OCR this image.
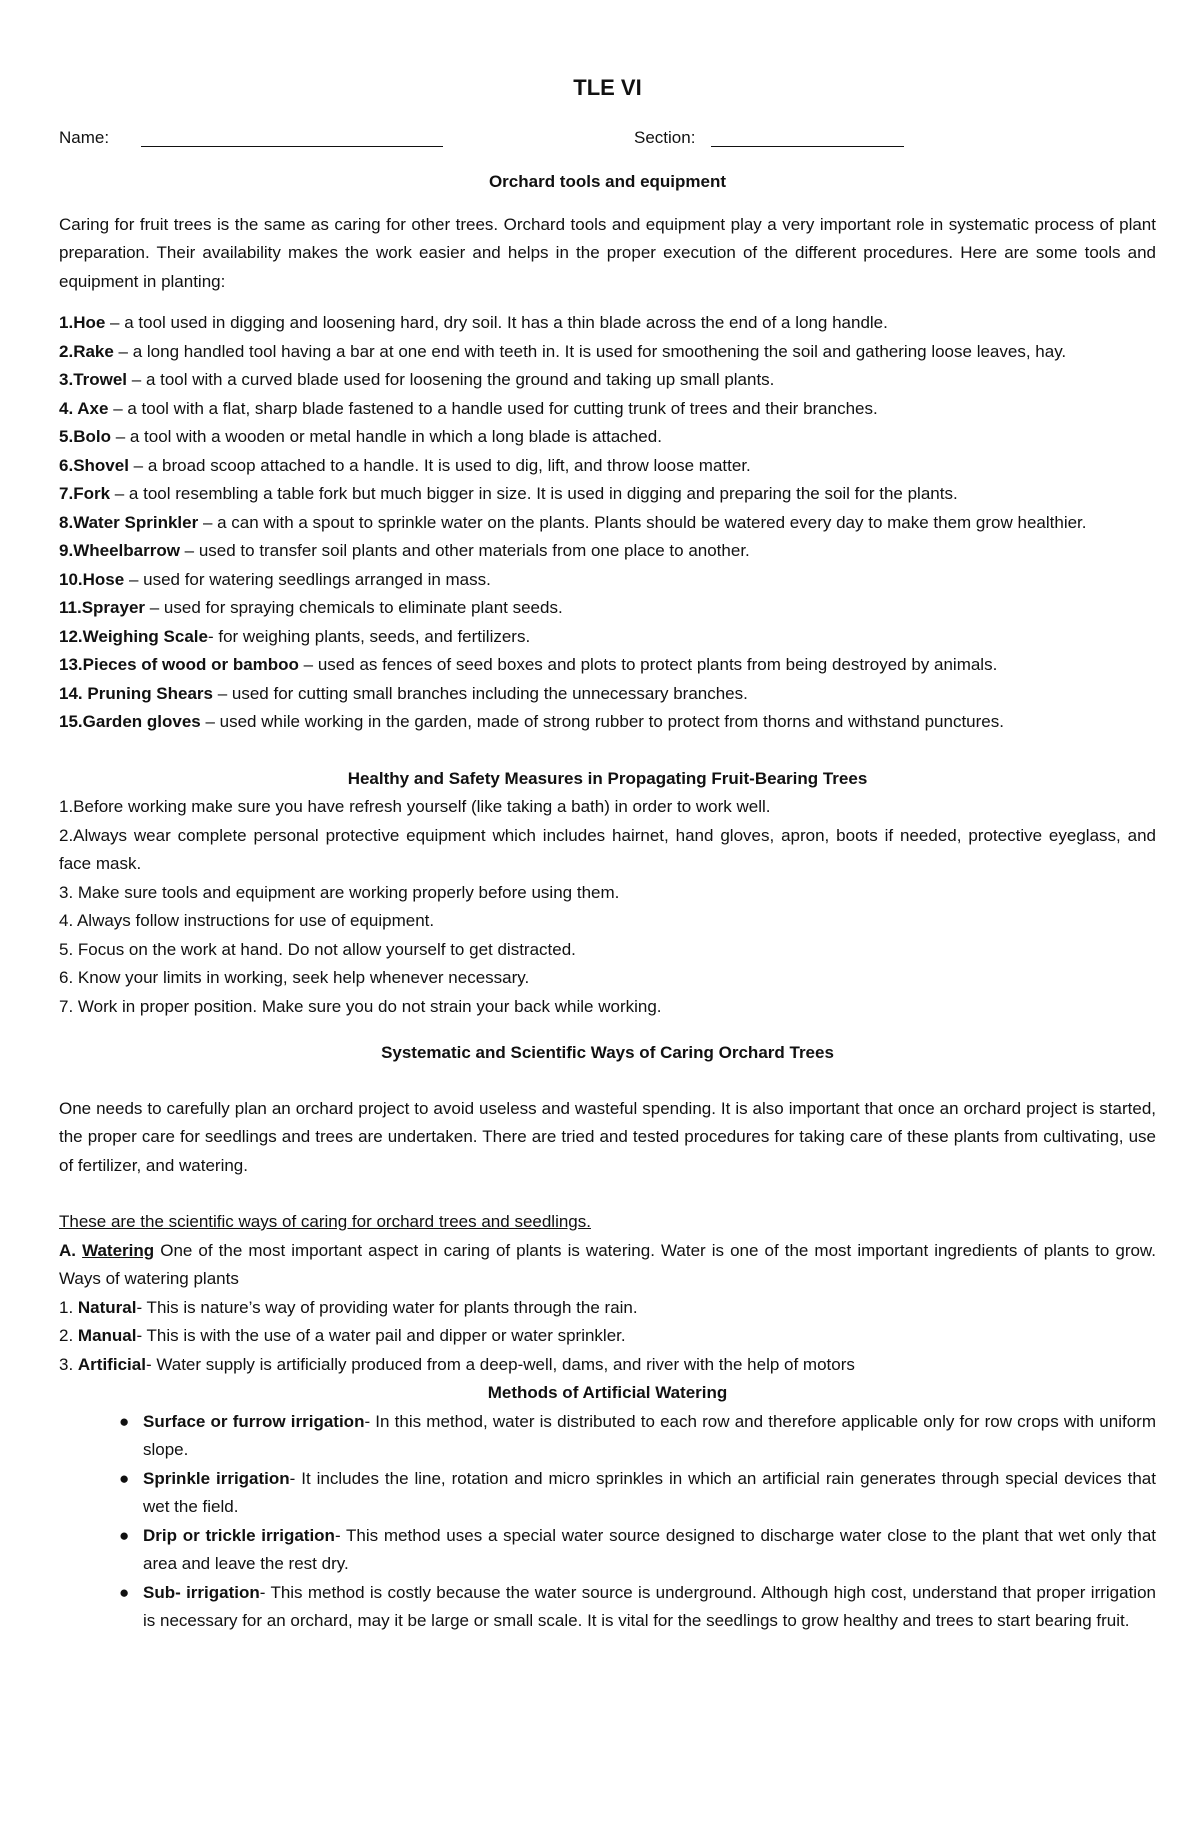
TLE VI
Name:	Section:
Orchard tools and equipment

Caring for fruit trees is the same as caring for other trees. Orchard tools and equipment play a very important role in systematic process of plant preparation. Their availability makes the work easier and helps in the proper execution of the different procedures. Here are some tools and equipment in planting:

1.Hoe – a tool used in digging and loosening hard, dry soil. It has a thin blade across the end of a long handle.
2.Rake – a long handled tool having a bar at one end with teeth in. It is used for smoothening the soil and gathering loose leaves, hay.
3.Trowel – a tool with a curved blade used for loosening the ground and taking up small plants.
4. Axe – a tool with a flat, sharp blade fastened to a handle used for cutting trunk of trees and their branches.
5.Bolo – a tool with a wooden or metal handle in which a long blade is attached.
6.Shovel – a broad scoop attached to a handle. It is used to dig, lift, and throw loose matter.
7.Fork – a tool resembling a table fork but much bigger in size. It is used in digging and preparing the soil for the plants.
8.Water Sprinkler – a can with a spout to sprinkle water on the plants. Plants should be watered every day to make them grow healthier.
9.Wheelbarrow – used to transfer soil plants and other materials from one place to another.
10.Hose – used for watering seedlings arranged in mass.
11.Sprayer – used for spraying chemicals to eliminate plant seeds.
12.Weighing Scale- for weighing plants, seeds, and fertilizers.
13.Pieces of wood or bamboo – used as fences of seed boxes and plots to protect plants from being destroyed by animals.
14. Pruning Shears – used for cutting small branches including the unnecessary branches.
15.Garden gloves – used while working in the garden, made of strong rubber to protect from thorns and withstand punctures.
Healthy and Safety Measures in Propagating Fruit-Bearing Trees
1.Before working make sure you have refresh yourself (like taking a bath) in order to work well.
2.Always wear complete personal protective equipment which includes hairnet, hand gloves, apron, boots if needed, protective eyeglass, and face mask.
3. Make sure tools and equipment are working properly before using them.
4. Always follow instructions for use of equipment.
5. Focus on the work at hand. Do not allow yourself to get distracted.
6. Know your limits in working, seek help whenever necessary.
7. Work in proper position. Make sure you do not strain your back while working.
Systematic and Scientific Ways of Caring Orchard Trees

One needs to carefully plan an orchard project to avoid useless and wasteful spending. It is also important that once an orchard project is started, the proper care for seedlings and trees are undertaken. There are tried and tested procedures for taking care of these plants from cultivating, use of fertilizer, and watering.

These are the scientific ways of caring for orchard trees and seedlings.
A. Watering One of the most important aspect in caring of plants is watering. Water is one of the most important ingredients of plants to grow. Ways of watering plants
1. Natural- This is nature’s way of providing water for plants through the rain.
2. Manual- This is with the use of a water pail and dipper or water sprinkler.
3. Artificial- Water supply is artificially produced from a deep-well, dams, and river with the help of motors
Methods of Artificial Watering
● Surface or furrow irrigation- In this method, water is distributed to each row and therefore applicable only for row crops with uniform slope.
● Sprinkle irrigation- It includes the line, rotation and micro sprinkles in which an artificial rain generates through special devices that wet the field.
● Drip or trickle irrigation- This method uses a special water source designed to discharge water close to the plant that wet only that area and leave the rest dry.
● Sub- irrigation- This method is costly because the water source is underground. Although high cost, understand that proper irrigation is necessary for an orchard, may it be large or small scale. It is vital for the seedlings to grow healthy and trees to start bearing fruit.
